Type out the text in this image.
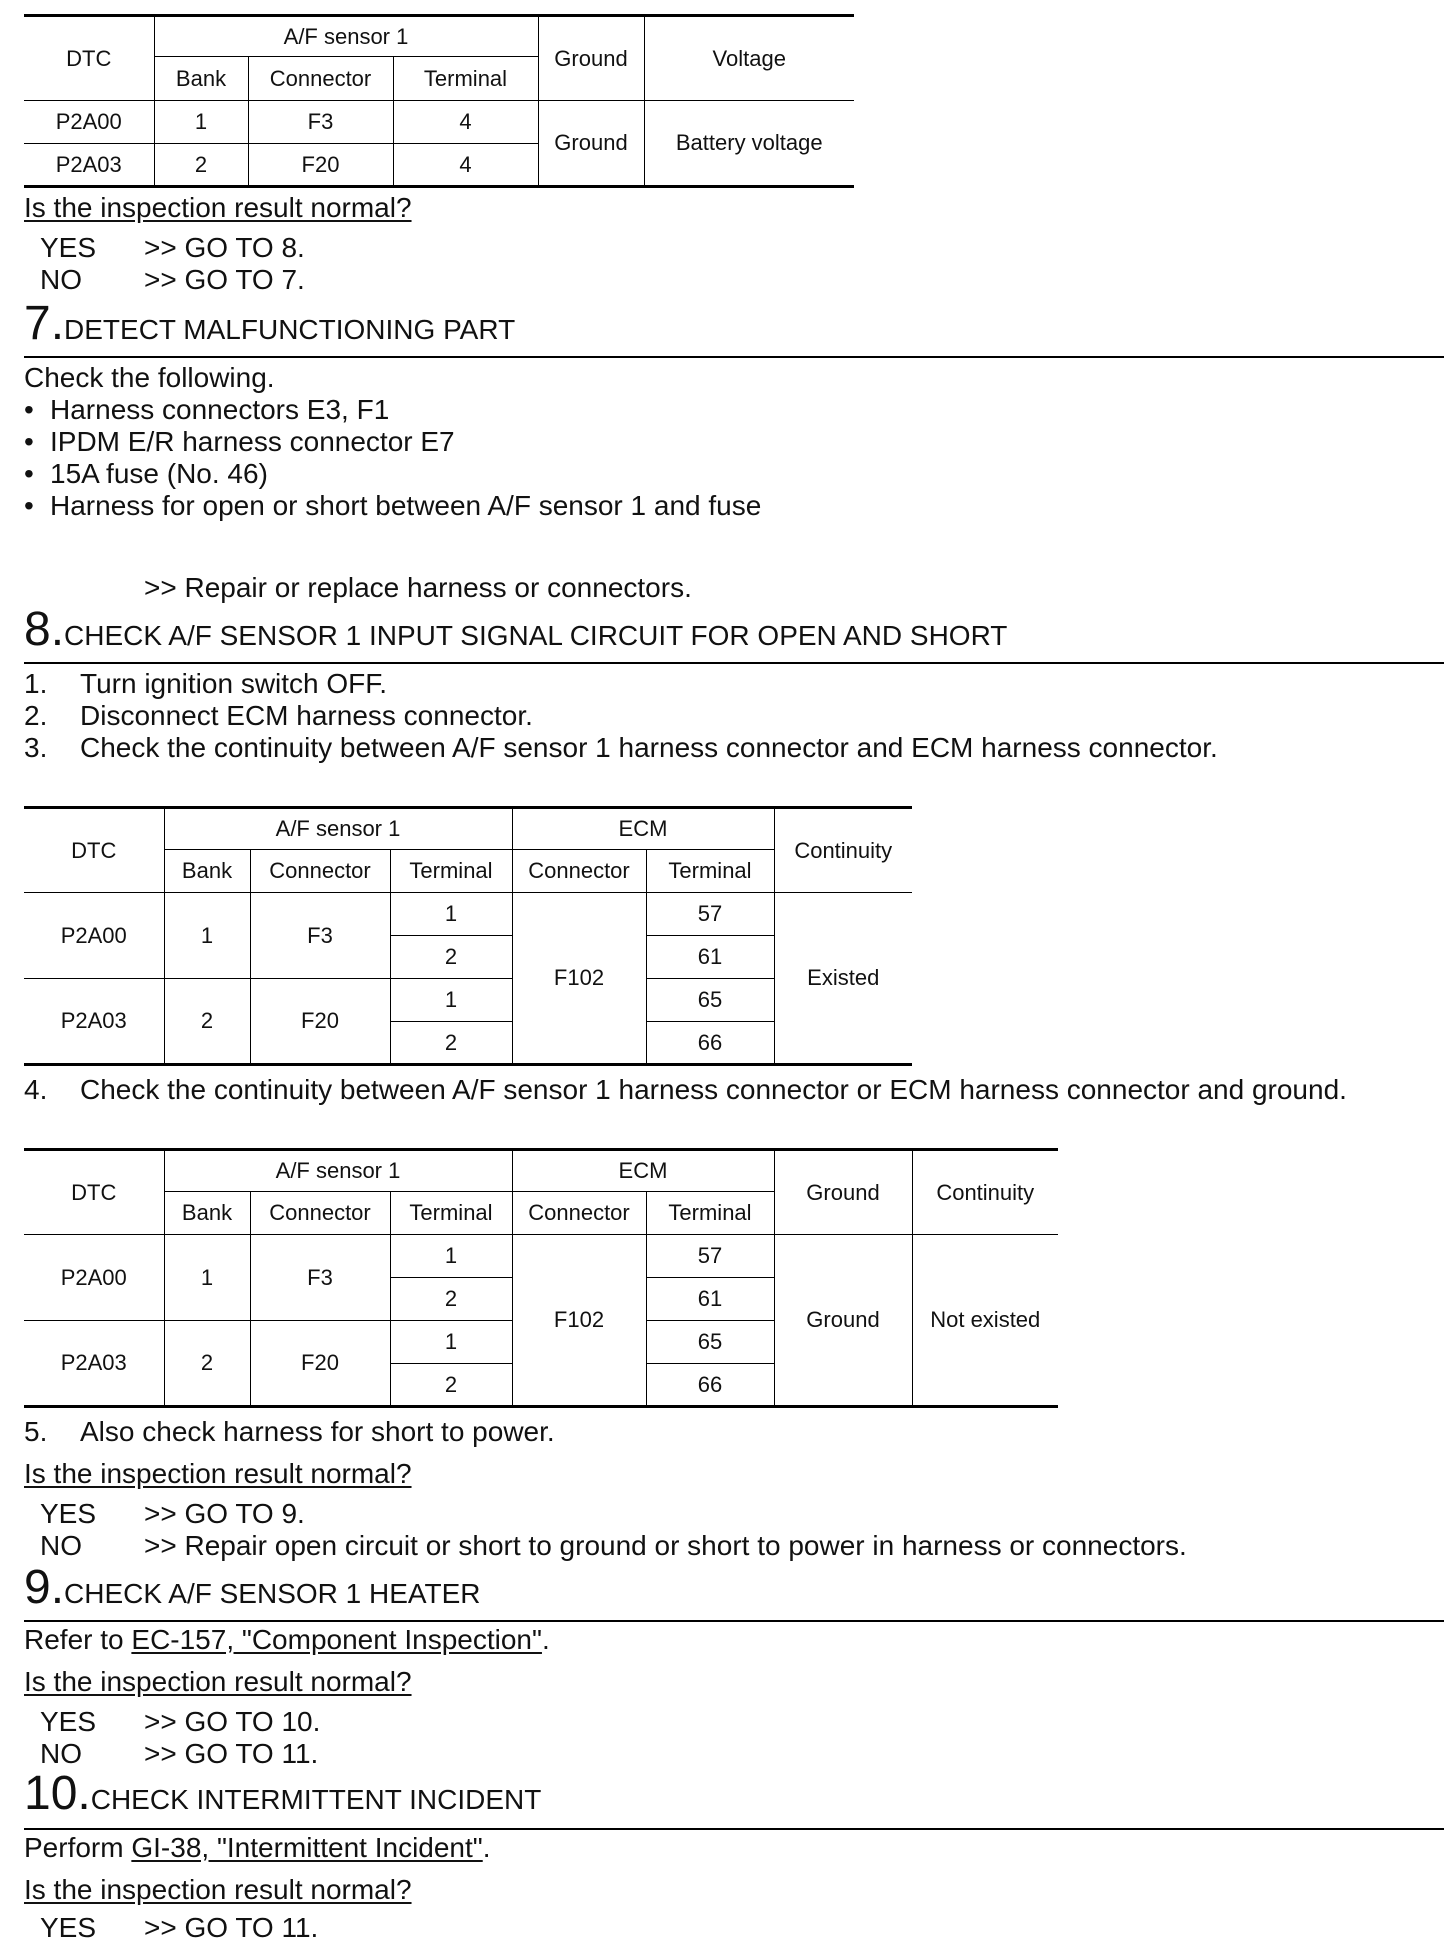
DTC	A/F sensor 1			Ground	Voltage
	Bank	Connector	Terminal		
P2A00	1	F3	4	Ground	Battery voltage
P2A03	2	F20	4		
Is the inspection result normal?
YES >> GO TO 8.
NO >> GO TO 7.
7.DETECT MALFUNCTIONING PART
Check the following.
• Harness connectors E3, F1
• IPDM E/R harness connector E7
• 15A fuse (No. 46)
• Harness for open or short between A/F sensor 1 and fuse
>> Repair or replace harness or connectors.
8.CHECK A/F SENSOR 1 INPUT SIGNAL CIRCUIT FOR OPEN AND SHORT
1. Turn ignition switch OFF.
2. Disconnect ECM harness connector.
3. Check the continuity between A/F sensor 1 harness connector and ECM harness connector.
DTC	A/F sensor 1			ECM		Continuity
	Bank	Connector	Terminal	Connector	Terminal	
P2A00	1	F3	1	F102	57	Existed
			2		61	
P2A03	2	F20	1		65	
			2		66	
4. Check the continuity between A/F sensor 1 harness connector or ECM harness connector and ground.
DTC	A/F sensor 1			ECM		Ground	Continuity
	Bank	Connector	Terminal	Connector	Terminal		
P2A00	1	F3	1	F102	57	Ground	Not existed
			2		61		
P2A03	2	F20	1		65		
			2		66		
5. Also check harness for short to power.
Is the inspection result normal?
YES >> GO TO 9.
NO >> Repair open circuit or short to ground or short to power in harness or connectors.
9.CHECK A/F SENSOR 1 HEATER
Refer to EC-157, "Component Inspection".
Is the inspection result normal?
YES >> GO TO 10.
NO >> GO TO 11.
10.CHECK INTERMITTENT INCIDENT
Perform GI-38, "Intermittent Incident".
Is the inspection result normal?
YES >> GO TO 11.
